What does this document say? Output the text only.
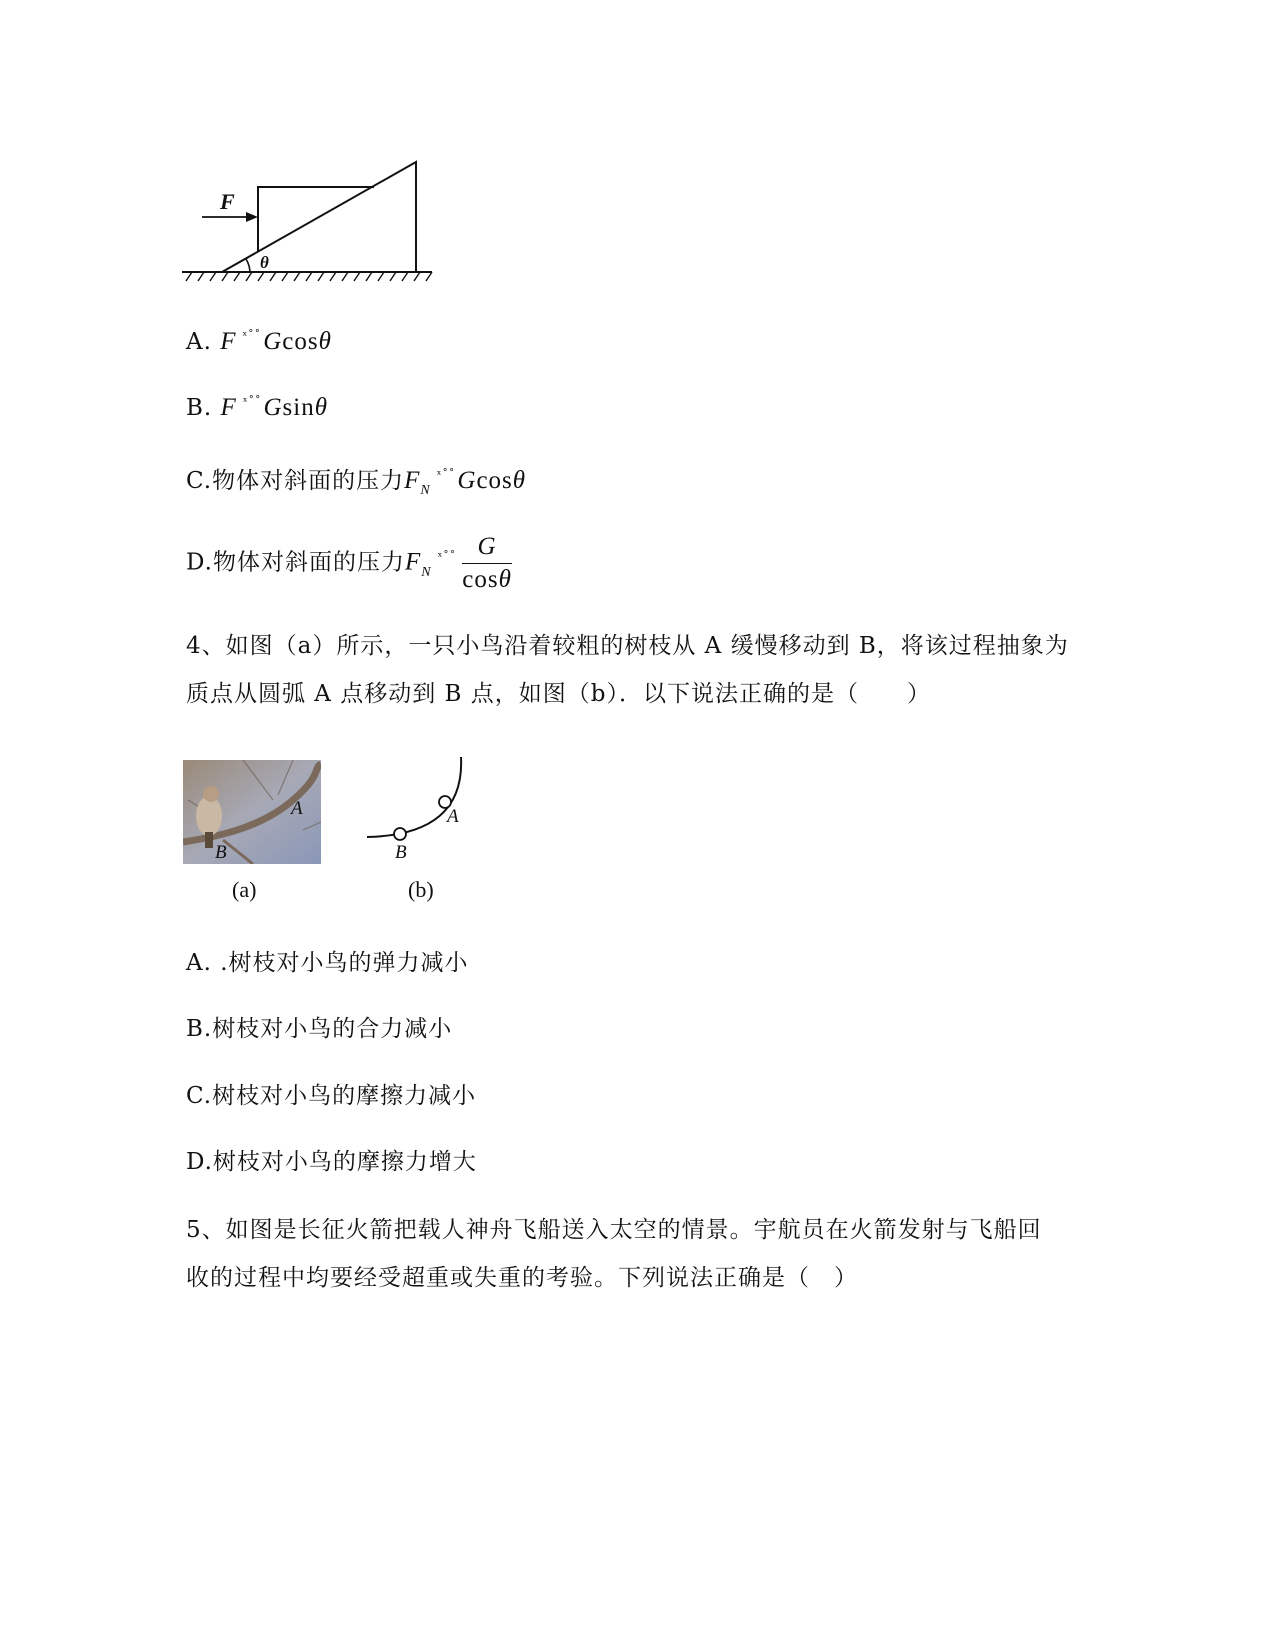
F
θ
A. F $^{ˣ˚˚}$Gcosθ
B. F $^{ˣ˚˚}$Gsinθ
C.物体对斜面的压力$F_N^{ˣ˚˚}Gcos\theta$
D.物体对斜面的压力$F_N^{ˣ˚˚} \frac{G}{\cos\theta}$
4、如图（a）所示，一只小鸟沿着较粗的树枝从 A 缓慢移动到 B，将该过程抽象为
质点从圆弧 A 点移动到 B 点，如图（b）．以下说法正确的是（　　）
A
B
(a)
A
B
(b)
A. .树枝对小鸟的弹力减小
B.树枝对小鸟的合力减小
C.树枝对小鸟的摩擦力减小
D.树枝对小鸟的摩擦力增大
5、如图是长征火箭把载人神舟飞船送入太空的情景。宇航员在火箭发射与飞船回
收的过程中均要经受超重或失重的考验。下列说法正确是（　）
